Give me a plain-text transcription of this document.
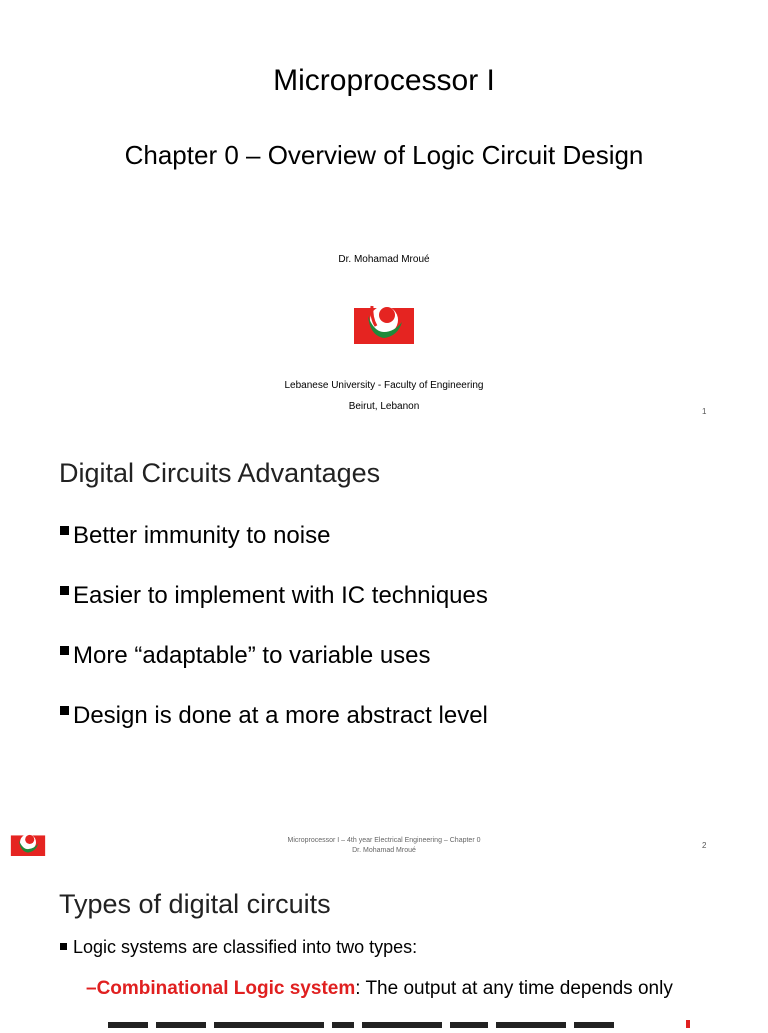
Microprocessor I
Chapter 0 – Overview of Logic Circuit Design
Dr. Mohamad Mroué
Lebanese University - Faculty of Engineering
Beirut, Lebanon	1
Digital Circuits Advantages
Better immunity to noise
Easier to implement with IC techniques
More “adaptable” to variable uses
Design is done at a more abstract level
Microprocessor I – 4th year Electrical Engineering – Chapter 0
Dr. Mohamad Mroué
2
Types of digital circuits
Logic systems are classified into two types:
–Combinational Logic system: The output at any time depends only
